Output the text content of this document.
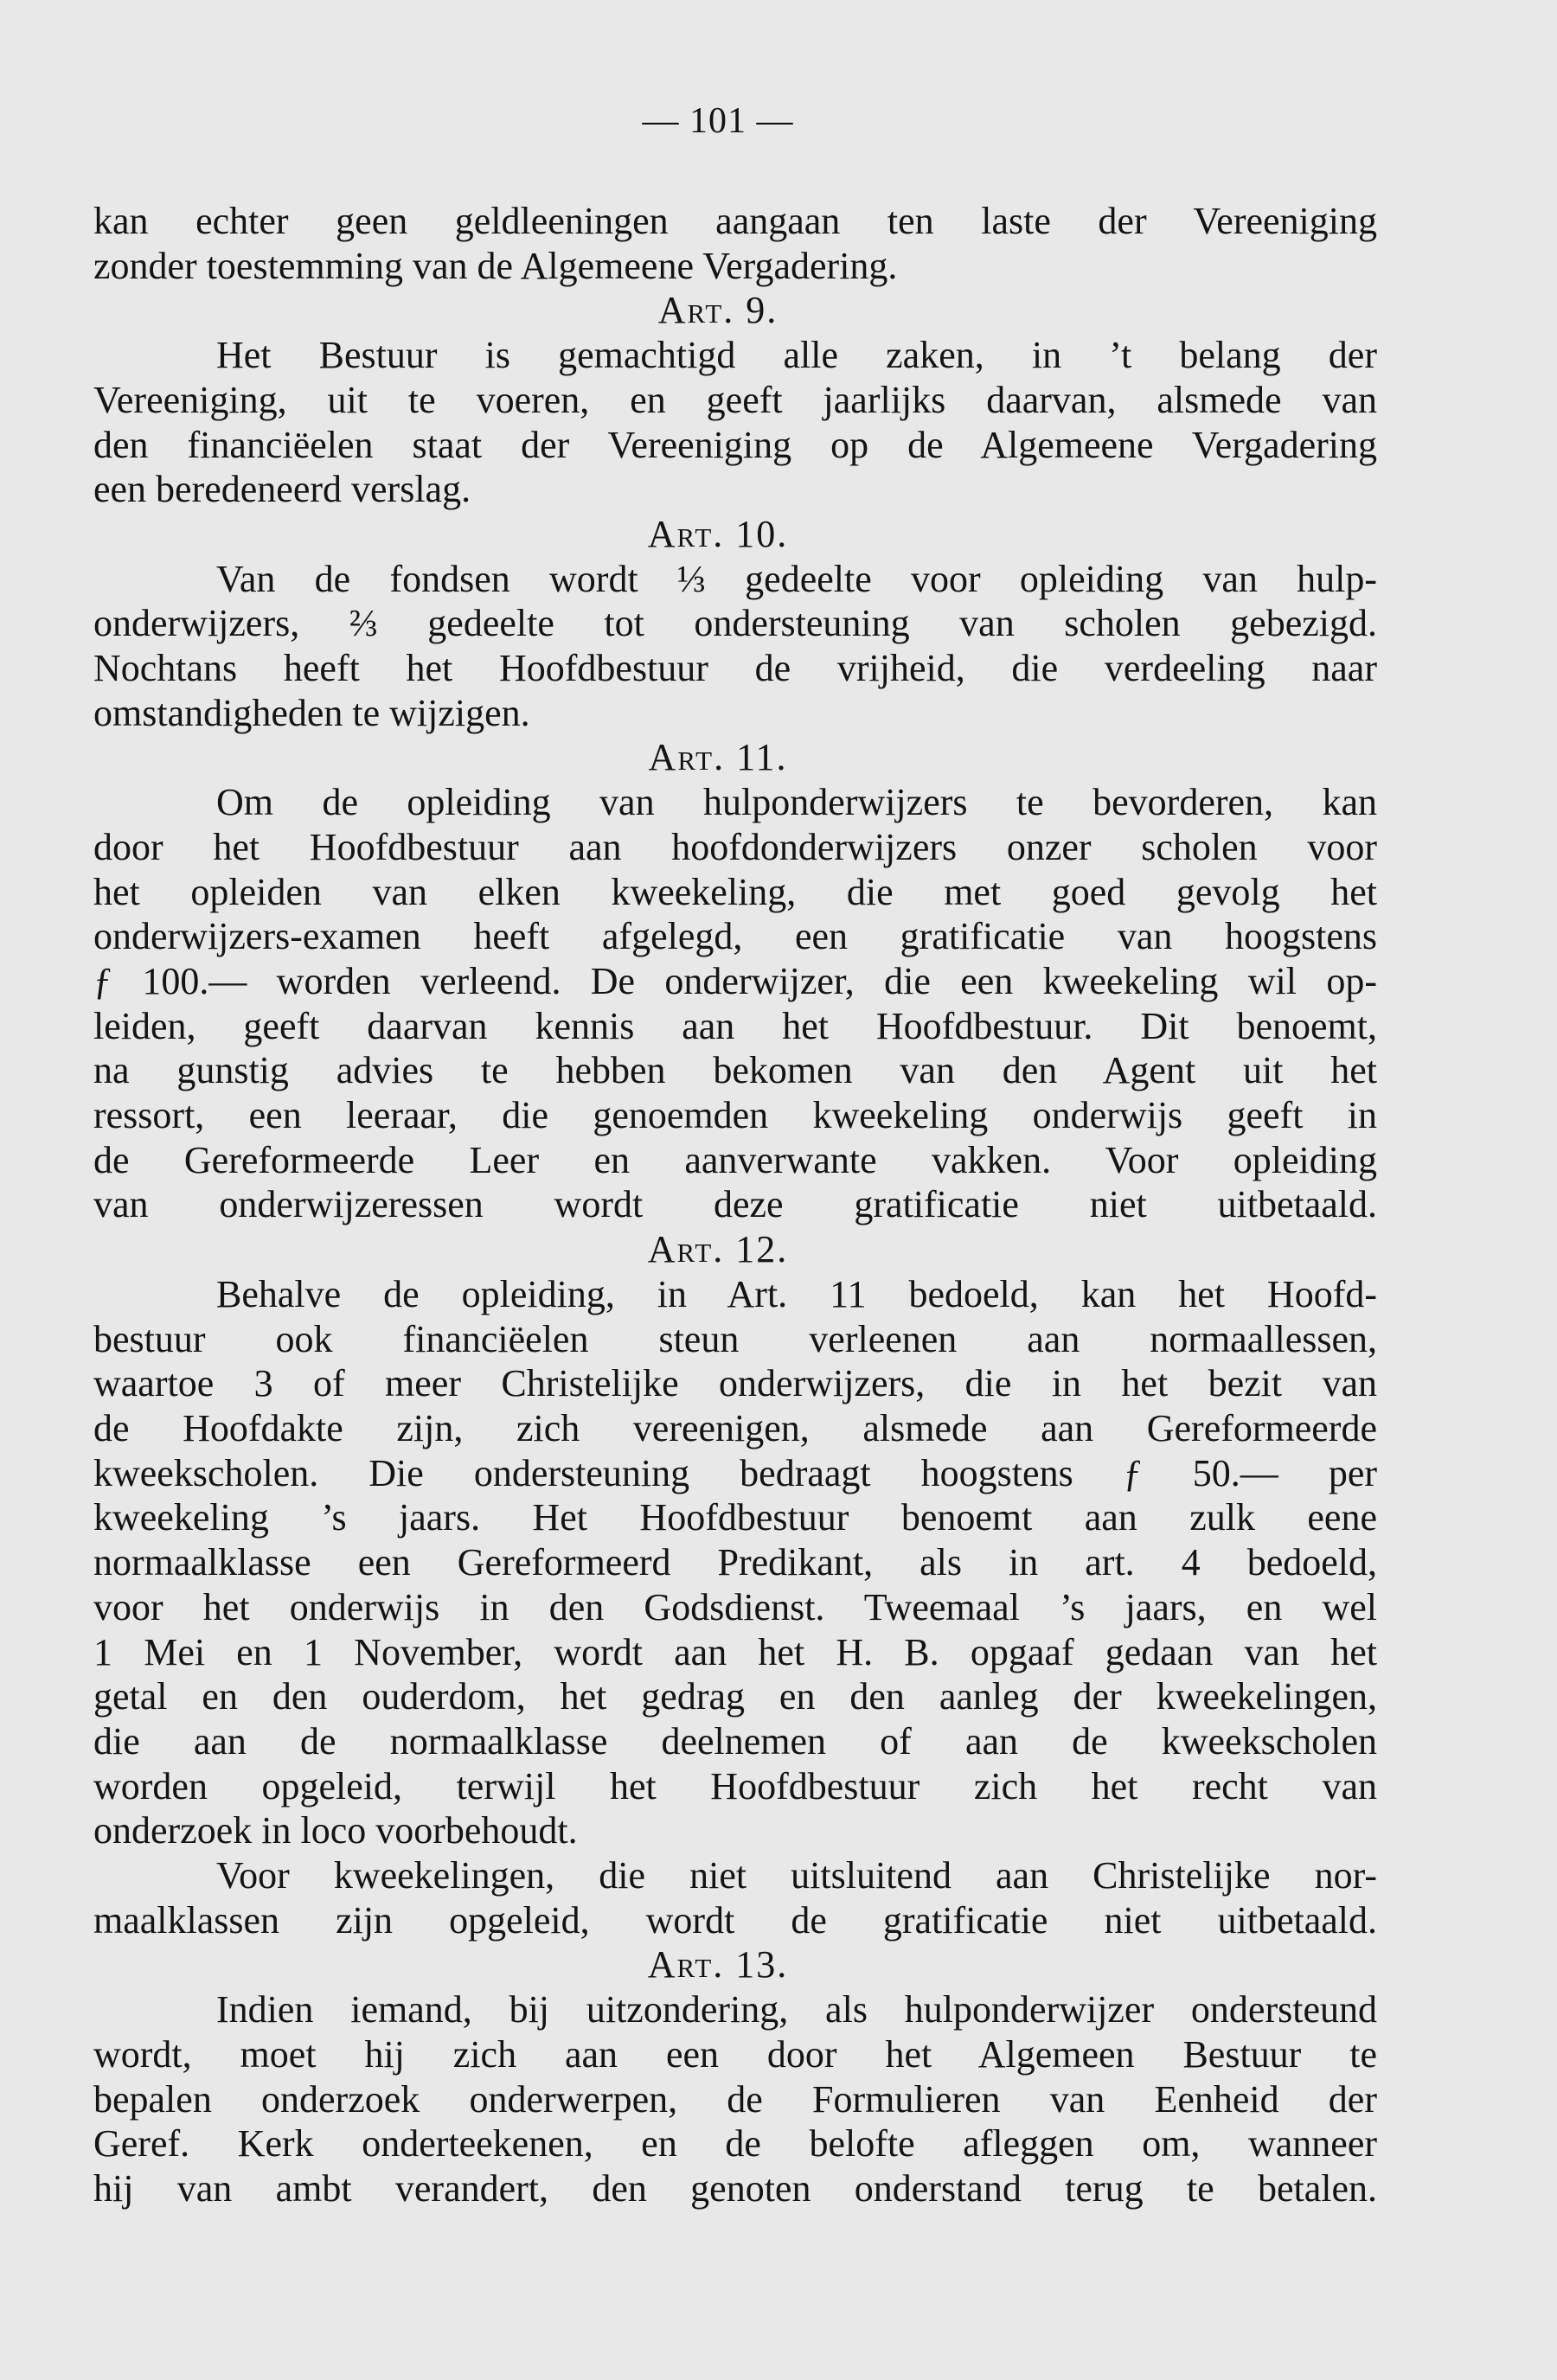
— 101 —
kan echter geen geldleeningen aangaan ten laste der Vereeniging
zonder toestemming van de Algemeene Vergadering.
Art. 9.
Het Bestuur is gemachtigd alle zaken, in ’t belang der
Vereeniging, uit te voeren, en geeft jaarlijks daarvan, alsmede van
den financiëelen staat der Vereeniging op de Algemeene Vergadering
een beredeneerd verslag.
Art. 10.
Van de fondsen wordt ⅓ gedeelte voor opleiding van hulp-
onderwijzers, ⅔ gedeelte tot ondersteuning van scholen gebezigd.
Nochtans heeft het Hoofdbestuur de vrijheid, die verdeeling naar
omstandigheden te wijzigen.
Art. 11.
Om de opleiding van hulponderwijzers te bevorderen, kan
door het Hoofdbestuur aan hoofdonderwijzers onzer scholen voor
het opleiden van elken kweekeling, die met goed gevolg het
onderwijzers-examen heeft afgelegd, een gratificatie van hoogstens
ƒ 100.— worden verleend. De onderwijzer, die een kweekeling wil op-
leiden, geeft daarvan kennis aan het Hoofdbestuur. Dit benoemt,
na gunstig advies te hebben bekomen van den Agent uit het
ressort, een leeraar, die genoemden kweekeling onderwijs geeft in
de Gereformeerde Leer en aanverwante vakken. Voor opleiding
van onderwijzeressen wordt deze gratificatie niet uitbetaald.
Art. 12.
Behalve de opleiding, in Art. 11 bedoeld, kan het Hoofd-
bestuur ook financiëelen steun verleenen aan normaallessen,
waartoe 3 of meer Christelijke onderwijzers, die in het bezit van
de Hoofdakte zijn, zich vereenigen, alsmede aan Gereformeerde
kweekscholen. Die ondersteuning bedraagt hoogstens ƒ 50.— per
kweekeling ’s jaars. Het Hoofdbestuur benoemt aan zulk eene
normaalklasse een Gereformeerd Predikant, als in art. 4 bedoeld,
voor het onderwijs in den Godsdienst. Tweemaal ’s jaars, en wel
1 Mei en 1 November, wordt aan het H. B. opgaaf gedaan van het
getal en den ouderdom, het gedrag en den aanleg der kweekelingen,
die aan de normaalklasse deelnemen of aan de kweekscholen
worden opgeleid, terwijl het Hoofdbestuur zich het recht van
onderzoek in loco voorbehoudt.
Voor kweekelingen, die niet uitsluitend aan Christelijke nor-
maalklassen zijn opgeleid, wordt de gratificatie niet uitbetaald.
Art. 13.
Indien iemand, bij uitzondering, als hulponderwijzer ondersteund
wordt, moet hij zich aan een door het Algemeen Bestuur te
bepalen onderzoek onderwerpen, de Formulieren van Eenheid der
Geref. Kerk onderteekenen, en de belofte afleggen om, wanneer
hij van ambt verandert, den genoten onderstand terug te betalen.
